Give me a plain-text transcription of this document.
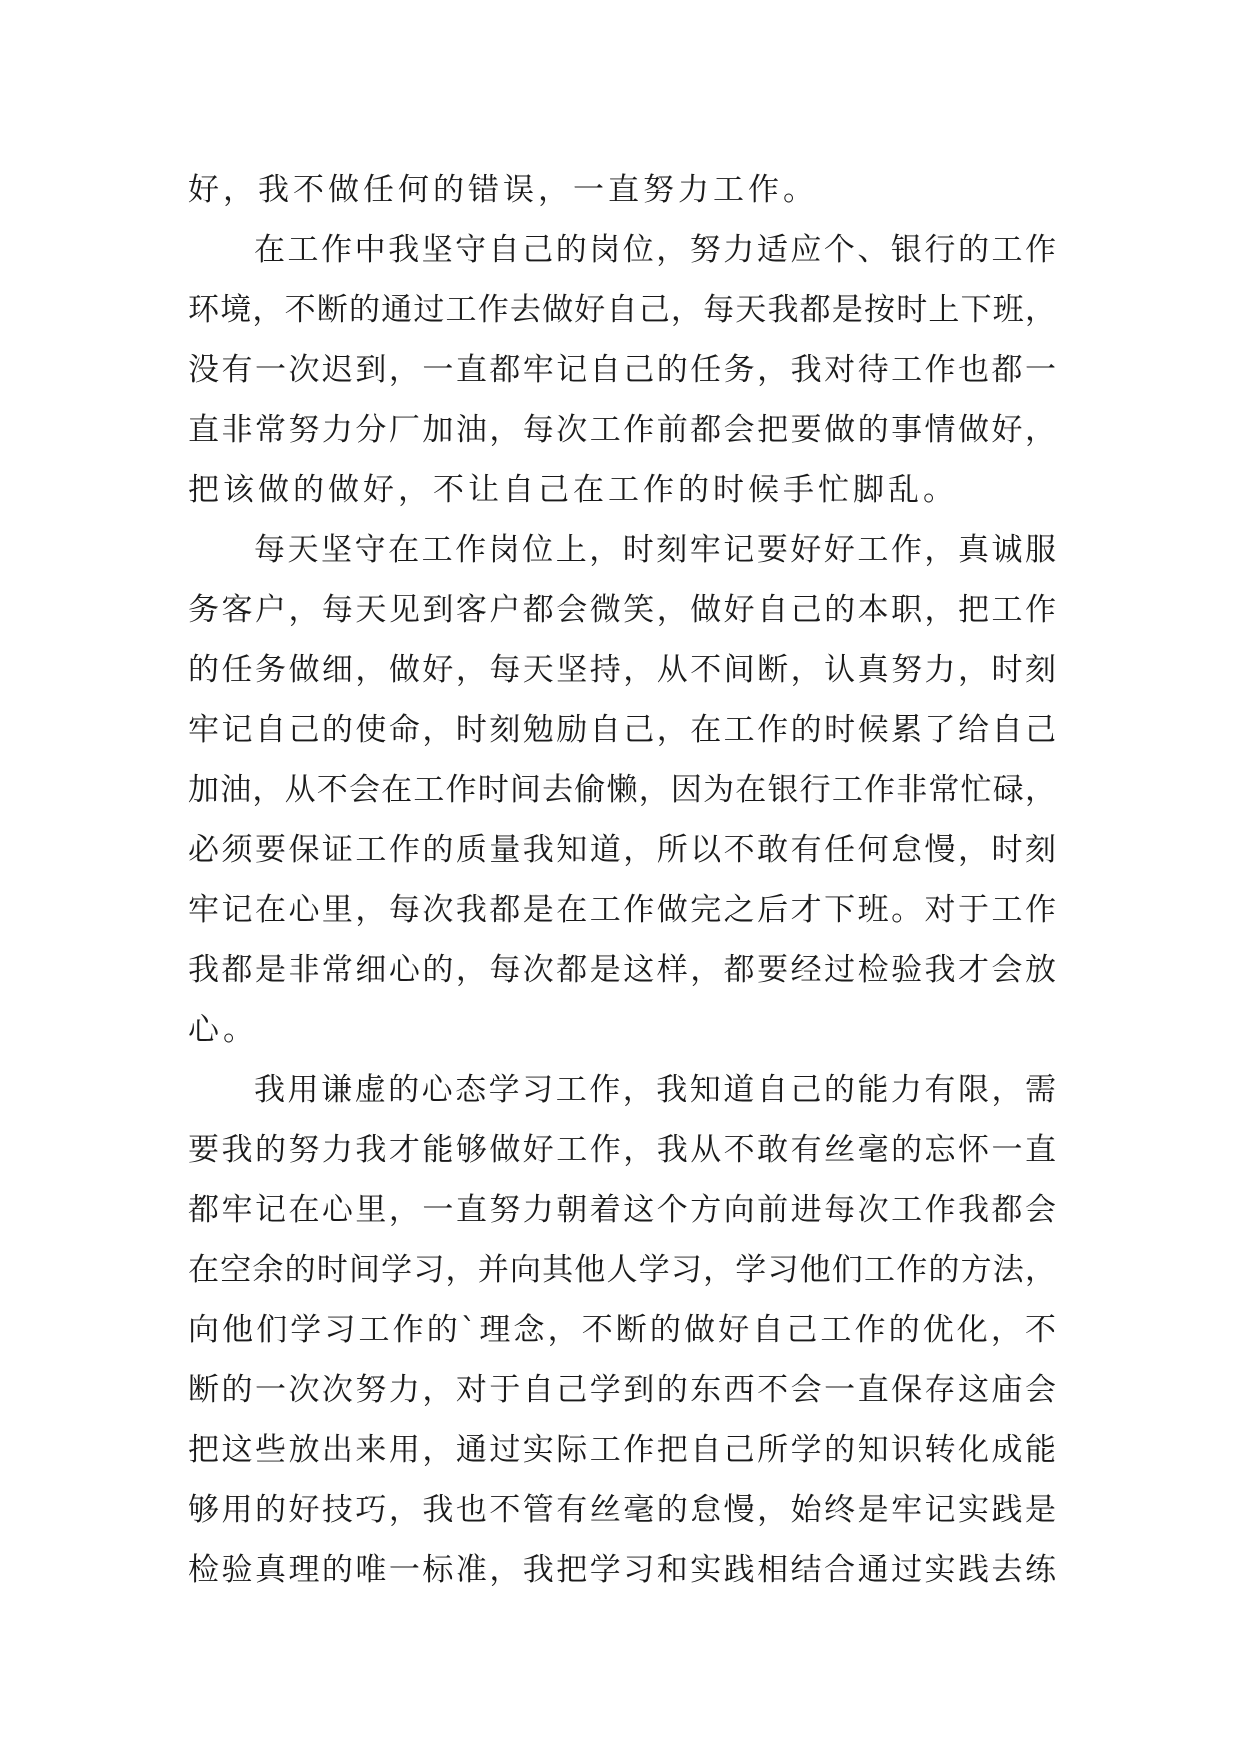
好，我不做任何的错误，一直努力工作。
在工作中我坚守自己的岗位，努力适应个、银行的工作
环境，不断的通过工作去做好自己，每天我都是按时上下班，
没有一次迟到，一直都牢记自己的任务，我对待工作也都一
直非常努力分厂加油，每次工作前都会把要做的事情做好，
把该做的做好，不让自己在工作的时候手忙脚乱。
每天坚守在工作岗位上，时刻牢记要好好工作，真诚服
务客户，每天见到客户都会微笑，做好自己的本职，把工作
的任务做细，做好，每天坚持，从不间断，认真努力，时刻
牢记自己的使命，时刻勉励自己，在工作的时候累了给自己
加油，从不会在工作时间去偷懒，因为在银行工作非常忙碌，
必须要保证工作的质量我知道，所以不敢有任何怠慢，时刻
牢记在心里，每次我都是在工作做完之后才下班。对于工作
我都是非常细心的，每次都是这样，都要经过检验我才会放
心。
我用谦虚的心态学习工作，我知道自己的能力有限，需
要我的努力我才能够做好工作，我从不敢有丝毫的忘怀一直
都牢记在心里，一直努力朝着这个方向前进每次工作我都会
在空余的时间学习，并向其他人学习，学习他们工作的方法，
向他们学习工作的`理念，不断的做好自己工作的优化，不
断的一次次努力，对于自己学到的东西不会一直保存这庙会
把这些放出来用，通过实际工作把自己所学的知识转化成能
够用的好技巧，我也不管有丝毫的怠慢，始终是牢记实践是
检验真理的唯一标准，我把学习和实践相结合通过实践去练
